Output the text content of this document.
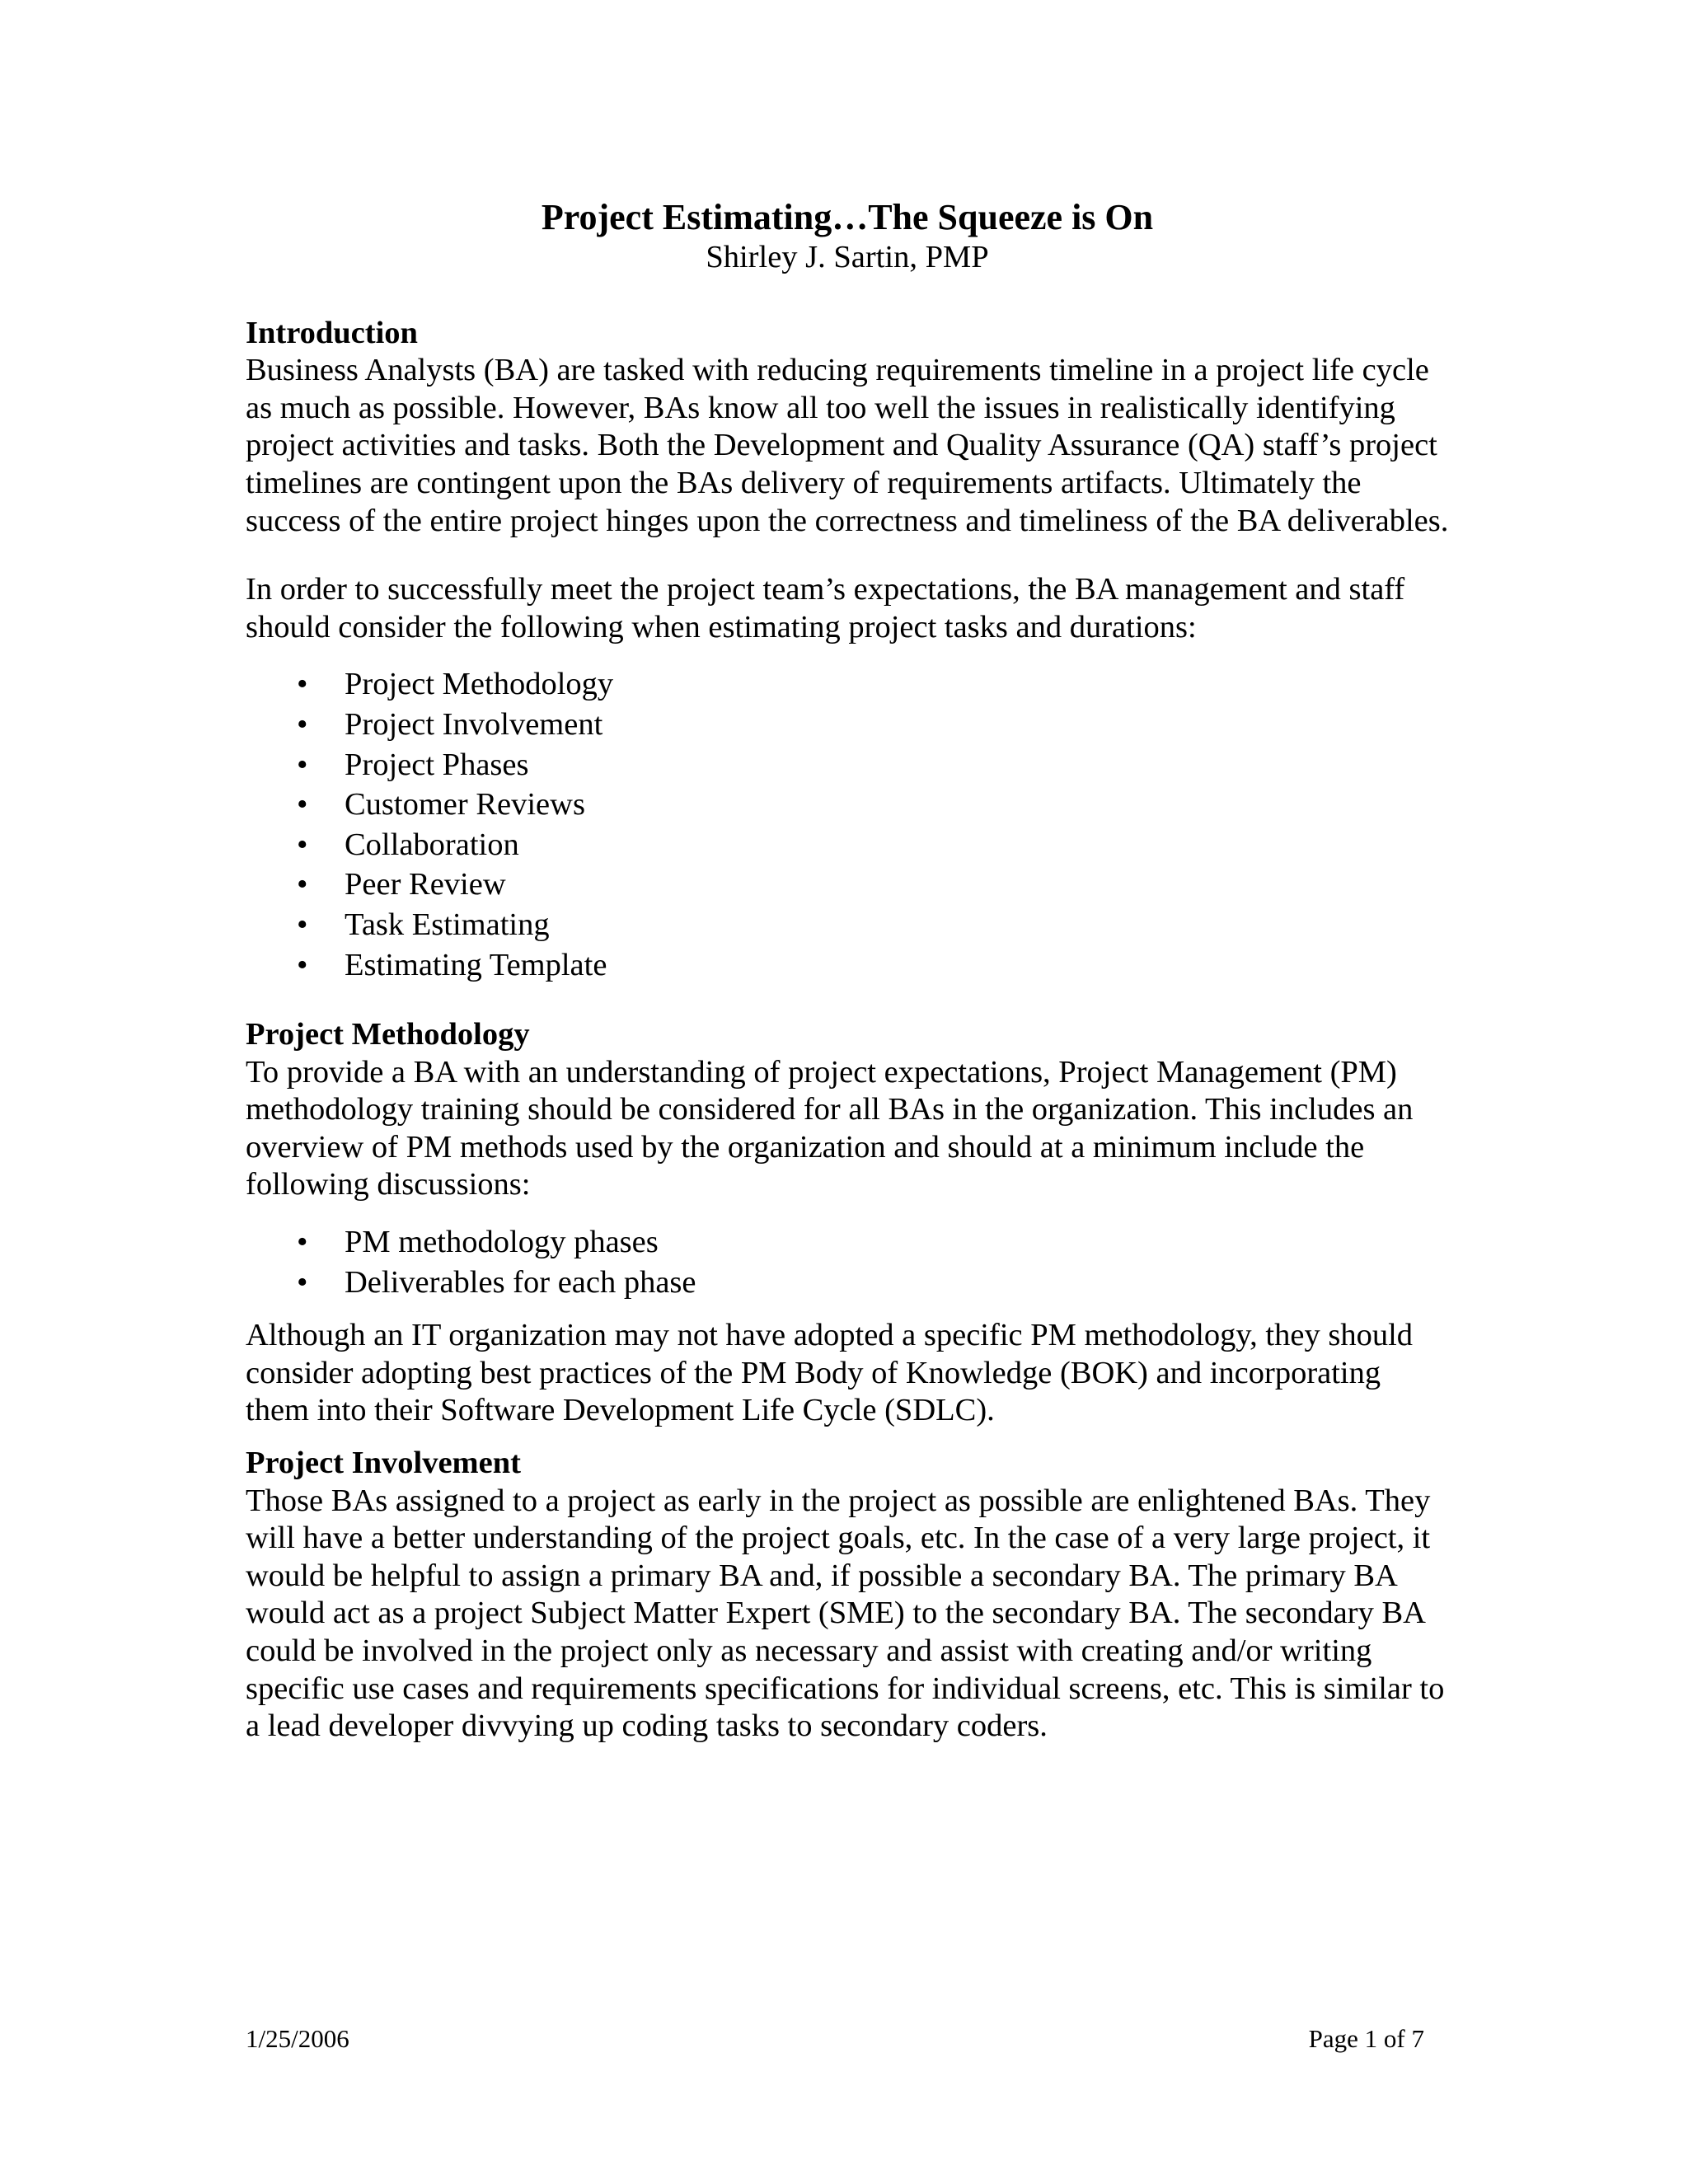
Project Estimating…The Squeeze is On

Shirley J. Sartin, PMP

Introduction

Business Analysts (BA) are tasked with reducing requirements timeline in a project life cycle as much as possible. However, BAs know all too well the issues in realistically identifying project activities and tasks. Both the Development and Quality Assurance (QA) staff’s project timelines are contingent upon the BAs delivery of requirements artifacts. Ultimately the success of the entire project hinges upon the correctness and timeliness of the BA deliverables.

In order to successfully meet the project team’s expectations, the BA management and staff should consider the following when estimating project tasks and durations:

• Project Methodology
• Project Involvement
• Project Phases
• Customer Reviews
• Collaboration
• Peer Review
• Task Estimating
• Estimating Template
Project Methodology

To provide a BA with an understanding of project expectations, Project Management (PM) methodology training should be considered for all BAs in the organization. This includes an overview of PM methods used by the organization and should at a minimum include the following discussions:

• PM methodology phases
• Deliverables for each phase

Although an IT organization may not have adopted a specific PM methodology, they should consider adopting best practices of the PM Body of Knowledge (BOK) and incorporating them into their Software Development Life Cycle (SDLC).

Project Involvement

Those BAs assigned to a project as early in the project as possible are enlightened BAs. They will have a better understanding of the project goals, etc. In the case of a very large project, it would be helpful to assign a primary BA and, if possible a secondary BA. The primary BA would act as a project Subject Matter Expert (SME) to the secondary BA. The secondary BA could be involved in the project only as necessary and assist with creating and/or writing specific use cases and requirements specifications for individual screens, etc. This is similar to a lead developer divvying up coding tasks to secondary coders.

1/25/2006	Page 1 of 7
